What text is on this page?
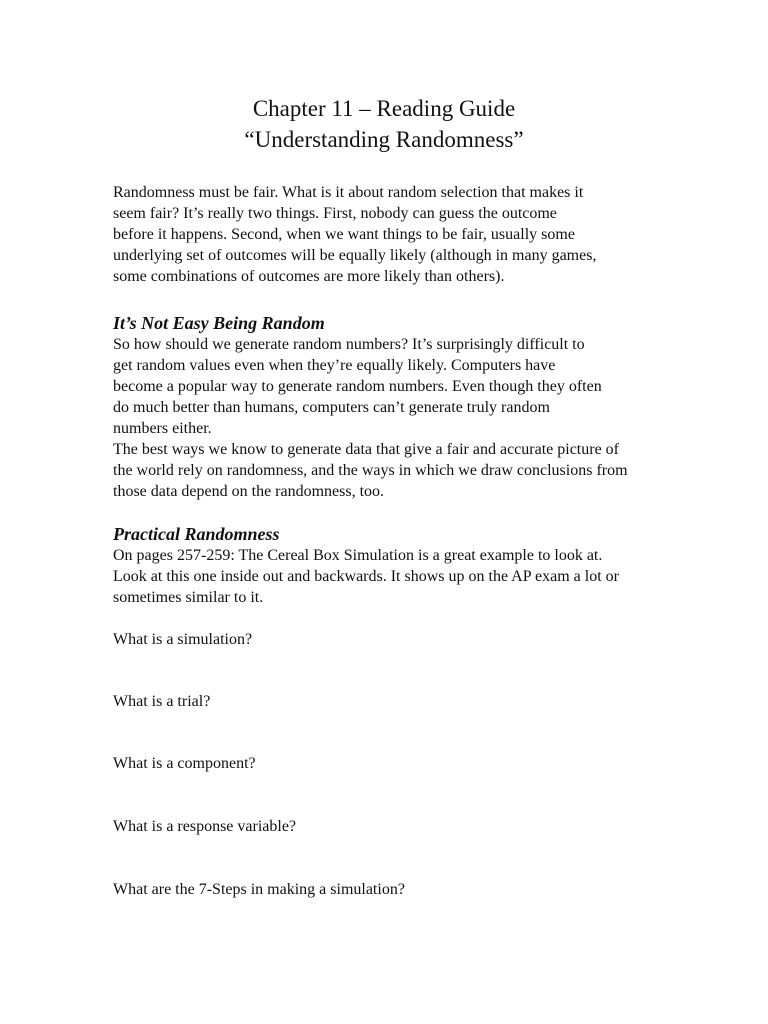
Chapter 11 – Reading Guide
“Understanding Randomness”

Randomness must be fair. What is it about random selection that makes it

seem fair? It’s really two things. First, nobody can guess the outcome

before it happens. Second, when we want things to be fair, usually some

underlying set of outcomes will be equally likely (although in many games,

some combinations of outcomes are more likely than others).

It’s Not Easy Being Random

So how should we generate random numbers? It’s surprisingly difficult to

get random values even when they’re equally likely. Computers have

become a popular way to generate random numbers. Even though they often

do much better than humans, computers can’t generate truly random

numbers either.

The best ways we know to generate data that give a fair and accurate picture of

the world rely on randomness, and the ways in which we draw conclusions from

those data depend on the randomness, too.

Practical Randomness

On pages 257-259: The Cereal Box Simulation is a great example to look at.

Look at this one inside out and backwards. It shows up on the AP exam a lot or

sometimes similar to it.

What is a simulation?

What is a trial?

What is a component?

What is a response variable?

What are the 7-Steps in making a simulation?
